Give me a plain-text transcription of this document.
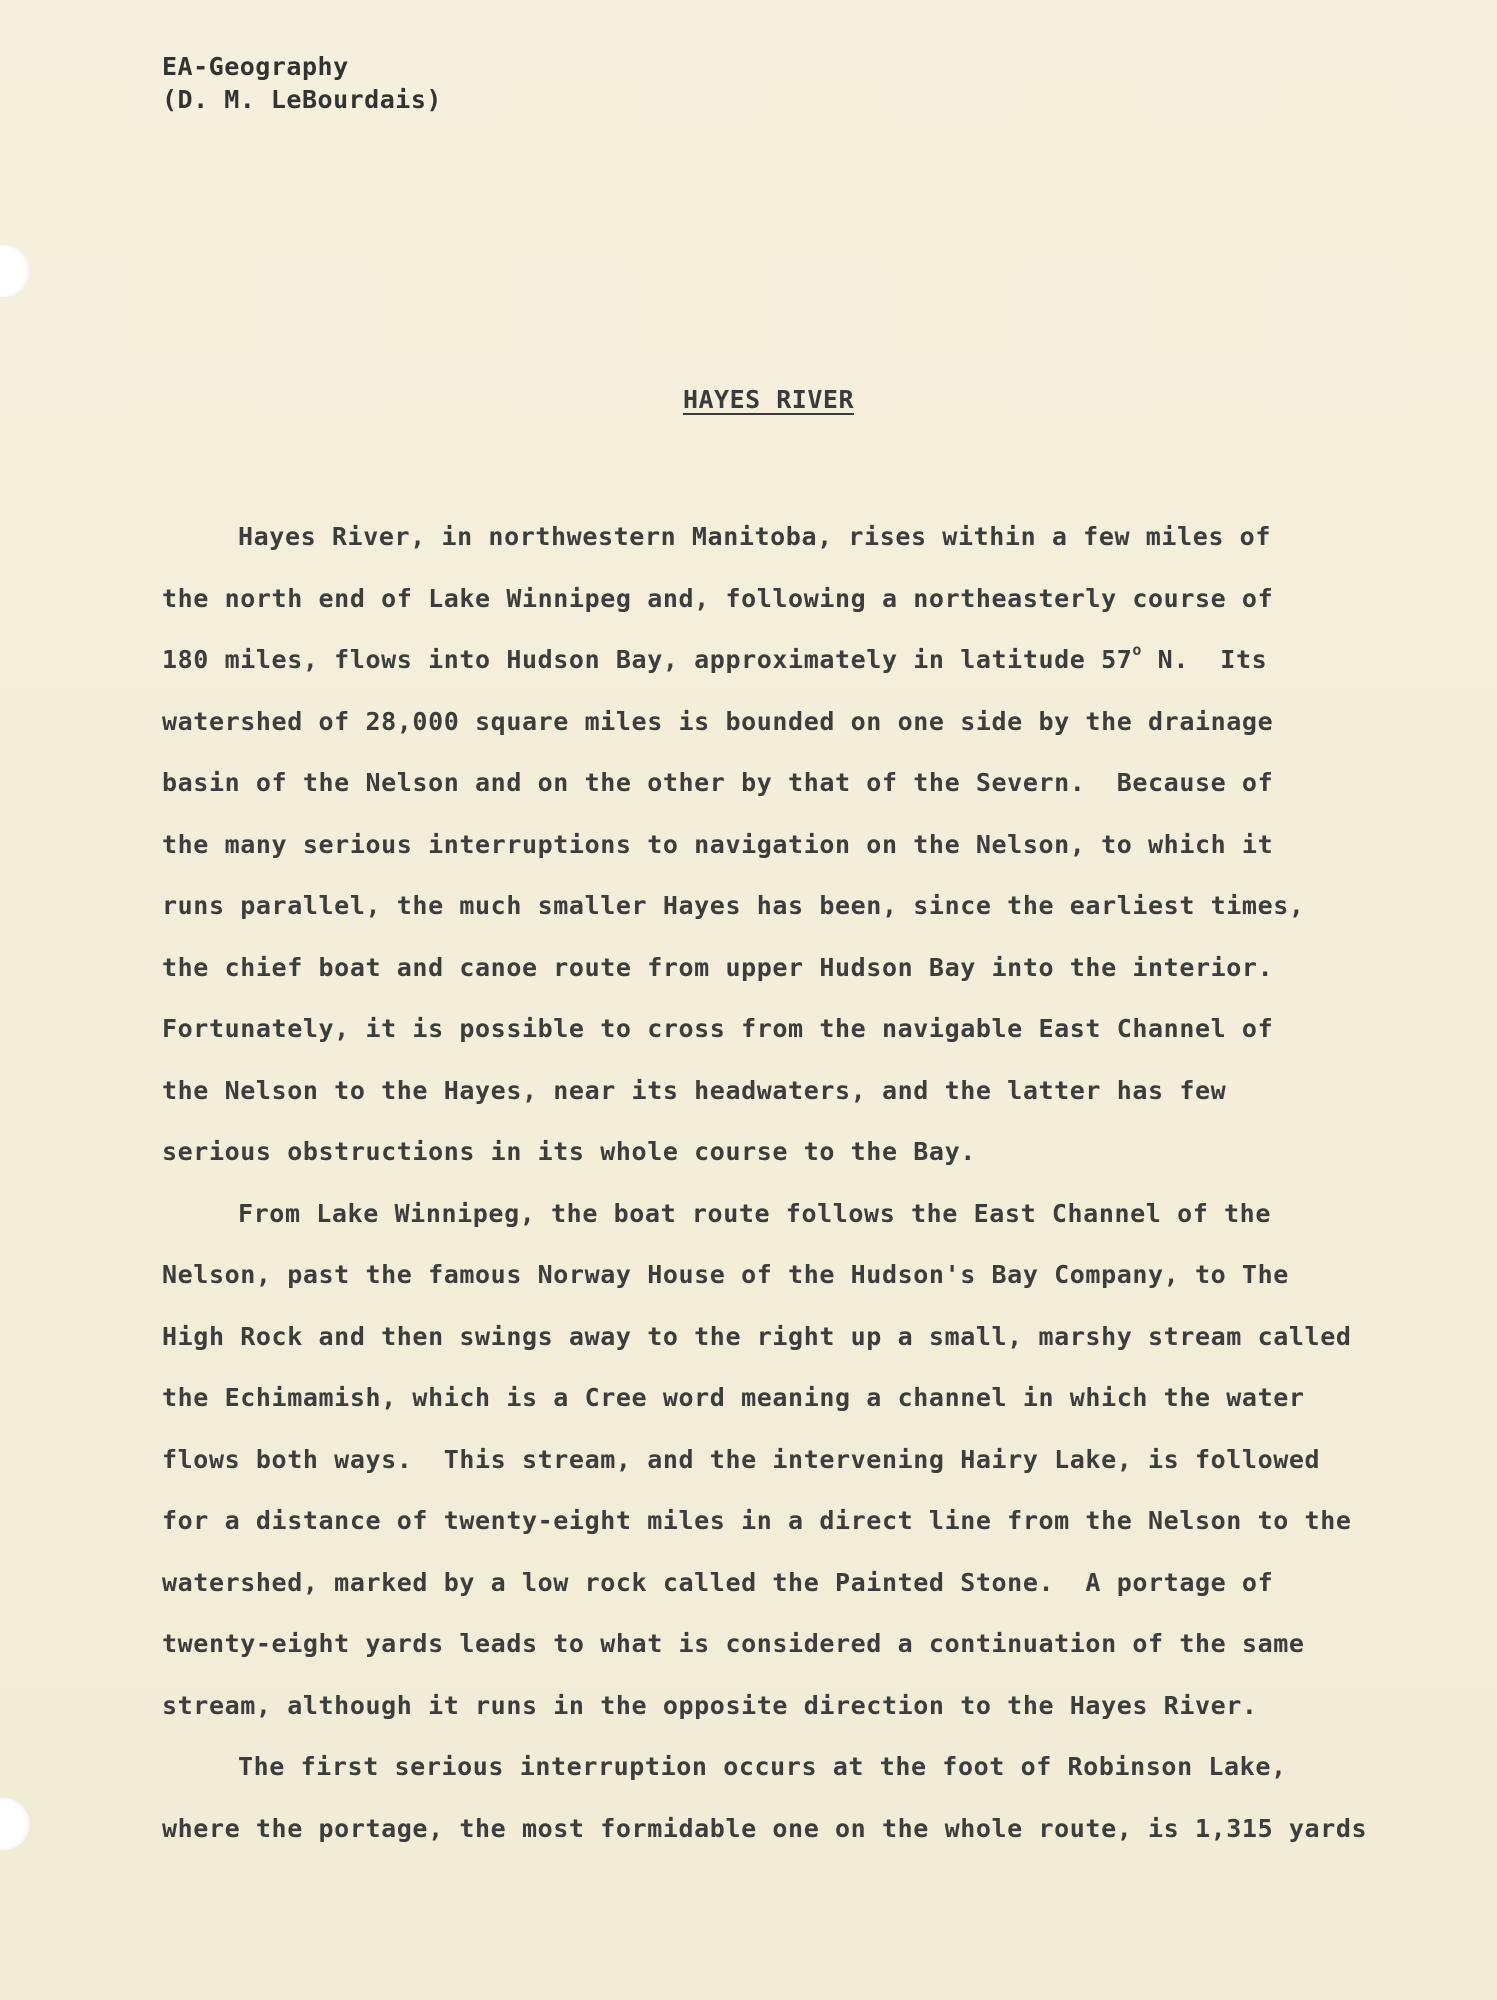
EA-Geography
(D. M. LeBourdais)
HAYES RIVER
Hayes River, in northwestern Manitoba, rises within a few miles of
the north end of Lake Winnipeg and, following a northeasterly course of
180 miles, flows into Hudson Bay, approximately in latitude 57$^o$ N.  Its
watershed of 28,000 square miles is bounded on one side by the drainage
basin of the Nelson and on the other by that of the Severn.  Because of
the many serious interruptions to navigation on the Nelson, to which it
runs parallel, the much smaller Hayes has been, since the earliest times,
the chief boat and canoe route from upper Hudson Bay into the interior.
Fortunately, it is possible to cross from the navigable East Channel of
the Nelson to the Hayes, near its headwaters, and the latter has few
serious obstructions in its whole course to the Bay.
From Lake Winnipeg, the boat route follows the East Channel of the
Nelson, past the famous Norway House of the Hudson's Bay Company, to The
High Rock and then swings away to the right up a small, marshy stream called
the Echimamish, which is a Cree word meaning a channel in which the water
flows both ways.  This stream, and the intervening Hairy Lake, is followed
for a distance of twenty-eight miles in a direct line from the Nelson to the
watershed, marked by a low rock called the Painted Stone.  A portage of
twenty-eight yards leads to what is considered a continuation of the same
stream, although it runs in the opposite direction to the Hayes River.
The first serious interruption occurs at the foot of Robinson Lake,
where the portage, the most formidable one on the whole route, is 1,315 yards
